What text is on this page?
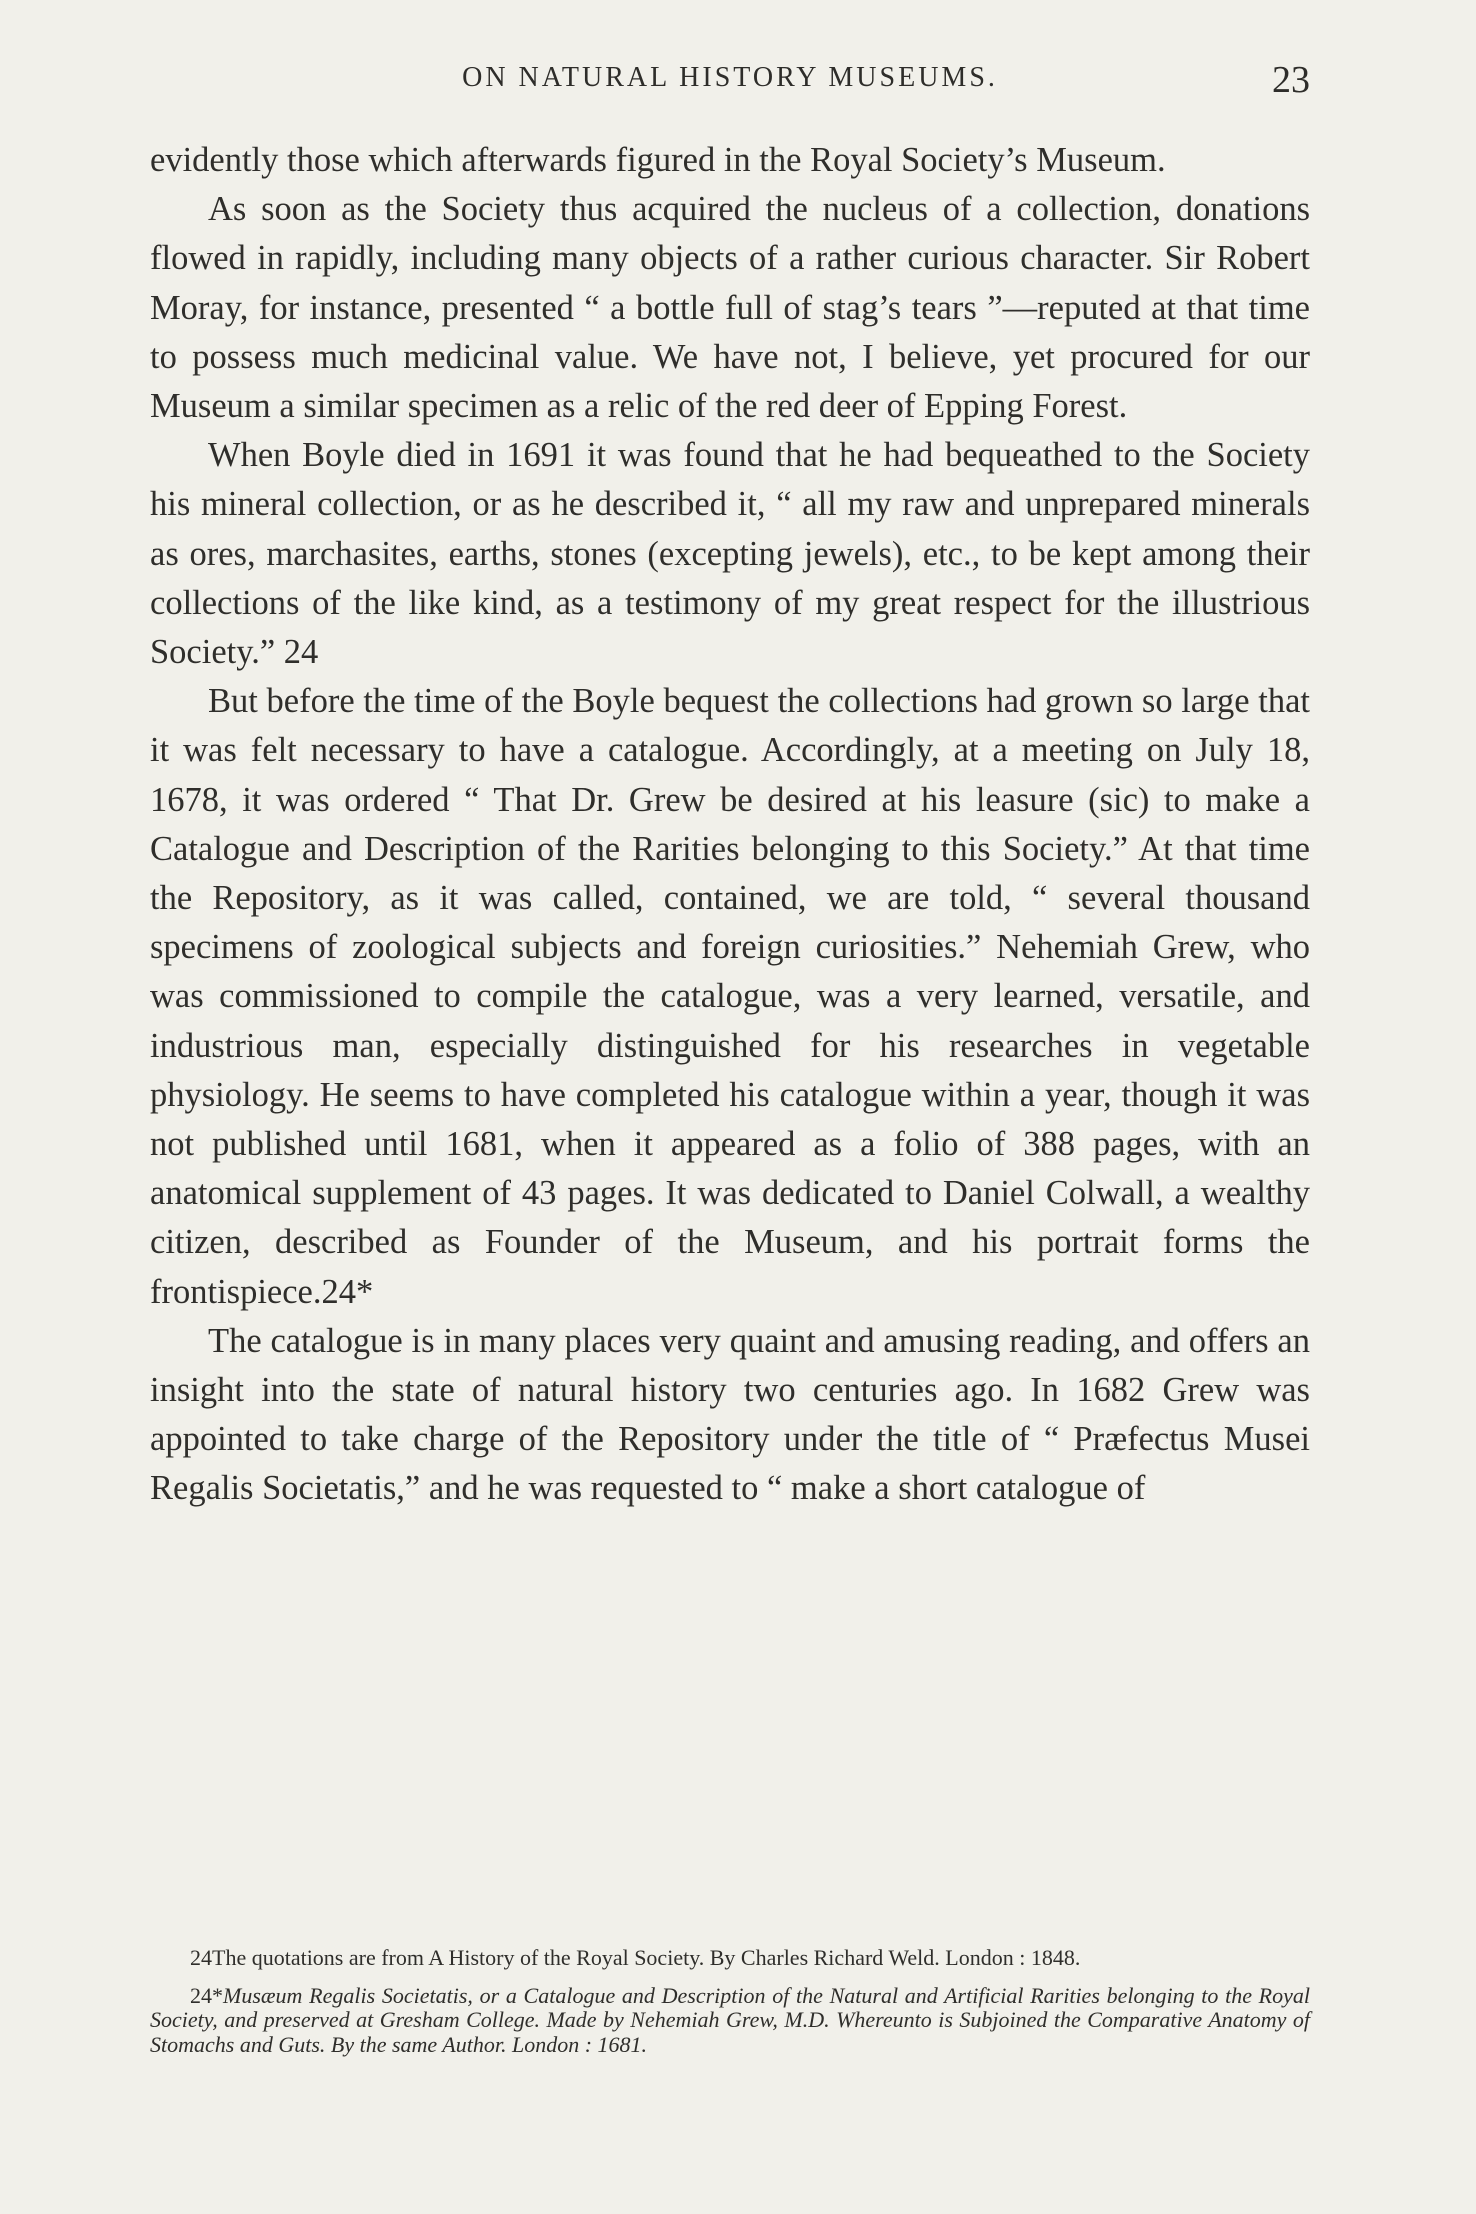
ON NATURAL HISTORY MUSEUMS.	23

evidently those which afterwards figured in the Royal Society’s Museum.

As soon as the Society thus acquired the nucleus of a collection, donations flowed in rapidly, including many objects of a rather curious character. Sir Robert Moray, for instance, presented “ a bottle full of stag’s tears ”—reputed at that time to possess much medicinal value. We have not, I believe, yet procured for our Museum a similar specimen as a relic of the red deer of Epping Forest.

When Boyle died in 1691 it was found that he had bequeathed to the Society his mineral collection, or as he described it, “ all my raw and unprepared minerals as ores, marchasites, earths, stones (excepting jewels), etc., to be kept among their collections of the like kind, as a testimony of my great respect for the illustrious Society.” 24

But before the time of the Boyle bequest the collections had grown so large that it was felt necessary to have a catalogue. Accordingly, at a meeting on July 18, 1678, it was ordered “ That Dr. Grew be desired at his leasure (sic) to make a Catalogue and Description of the Rarities belonging to this Society.” At that time the Repository, as it was called, contained, we are told, “ several thousand specimens of zoological subjects and foreign curiosities.” Nehemiah Grew, who was commissioned to compile the catalogue, was a very learned, versatile, and industrious man, especially distinguished for his researches in vegetable physiology. He seems to have completed his catalogue within a year, though it was not published until 1681, when it appeared as a folio of 388 pages, with an anatomical supplement of 43 pages. It was dedicated to Daniel Colwall, a wealthy citizen, described as Founder of the Museum, and his portrait forms the frontispiece.24*

The catalogue is in many places very quaint and amusing reading, and offers an insight into the state of natural history two centuries ago. In 1682 Grew was appointed to take charge of the Repository under the title of “ Præfectus Musei Regalis Societatis,” and he was requested to “ make a short catalogue of

24The quotations are from A History of the Royal Society. By Charles Richard Weld. London : 1848.

24*Musæum Regalis Societatis, or a Catalogue and Description of the Natural and Artificial Rarities belonging to the Royal Society, and preserved at Gresham College. Made by Nehemiah Grew, M.D. Whereunto is Subjoined the Comparative Anatomy of Stomachs and Guts. By the same Author. London : 1681.
